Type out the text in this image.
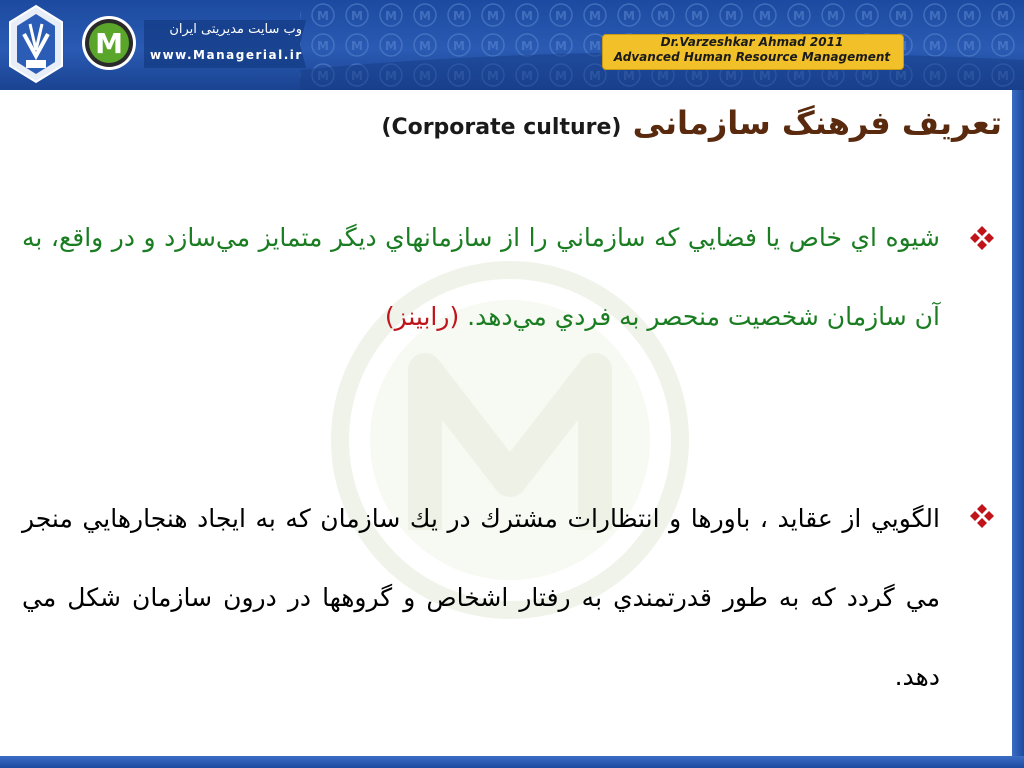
M	وب سایت مدیریتی ایران
www.Managerial.ir
Dr.Varzeshkar Ahmad 2011
Advanced Human Resource Management
تعريف فرهنگ سازمانی (Corporate culture)
شيوه اي خاص يا فضايي كه سازماني را از سازمانهاي ديگر متمايز مي‌سازد و در واقع، به آن سازمان شخصيت منحصر به فردي مي‌دهد. (رابينز)
الگويي از عقايد ، باورها و انتظارات مشترك در يك سازمان كه به ايجاد هنجارهايي منجر مي گردد كه به طور قدرتمندي به رفتار اشخاص و گروهها در درون سازمان شكل مي دهد.
